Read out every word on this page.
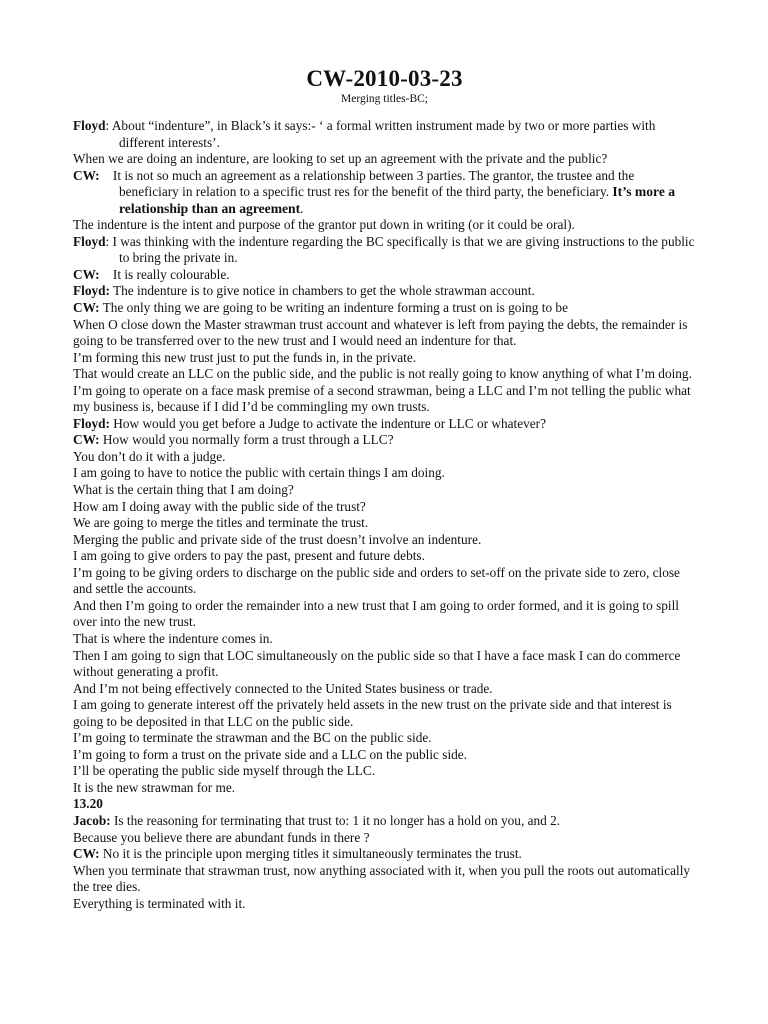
CW-2010-03-23
Merging titles-BC;

Floyd: About “indenture”, in Black’s it says:- ‘ a formal written instrument made by two or more parties with different interests’.

When we are doing an indenture, are looking to set up an agreement with the private and the public?

CW: It is not so much an agreement as a relationship between 3 parties. The grantor, the trustee and the beneficiary in relation to a specific trust res for the benefit of the third party, the beneficiary. It’s more a relationship than an agreement.

The indenture is the intent and purpose of the grantor put down in writing (or it could be oral).

Floyd: I was thinking with the indenture regarding the BC specifically is that we are giving instructions to the public to bring the private in.

CW: It is really colourable.

Floyd: The indenture is to give notice in chambers to get the whole strawman account.

CW: The only thing we are going to be writing an indenture forming a trust on is going to be

When O close down the Master strawman trust account and whatever is left from paying the debts, the remainder is going to be transferred over to the new trust and I would need an indenture for that.

I’m forming this new trust just to put the funds in, in the private.

That would create an LLC on the public side, and the public is not really going to know anything of what I’m doing.

I’m going to operate on a face mask premise of a second strawman, being a LLC and I’m not telling the public what my business is, because if I did I’d be commingling my own trusts.

Floyd: How would you get before a Judge to activate the indenture or LLC or whatever?

CW: How would you normally form a trust through a LLC?

You don’t do it with a judge.

I am going to have to notice the public with certain things I am doing.

What is the certain thing that I am doing?

How am I doing away with the public side of the trust?

We are going to merge the titles and terminate the trust.

Merging the public and private side of the trust doesn’t involve an indenture.

I am going to give orders to pay the past, present and future debts.

I’m going to be giving orders to discharge on the public side and orders to set-off on the private side to zero, close and settle the accounts.

And then I’m going to order the remainder into a new trust that I am going to order formed, and it is going to spill over into the new trust.

That is where the indenture comes in.

Then I am going to sign that LOC simultaneously on the public side so that I have a face mask I can do commerce without generating a profit.

And I’m not being effectively connected to the United States business or trade.

I am going to generate interest off the privately held assets in the new trust on the private side and that interest is going to be deposited in that LLC on the public side.

I’m going to terminate the strawman and the BC on the public side.

I’m going to form a trust on the private side and a LLC on the public side.

I’ll be operating the public side myself through the LLC.

It is the new strawman for me.

13.20

Jacob: Is the reasoning for terminating that trust to: 1 it no longer has a hold on you, and 2.

Because you believe there are abundant funds in there ?

CW: No it is the principle upon merging titles it simultaneously terminates the trust.

When you terminate that strawman trust, now anything associated with it, when you pull the roots out automatically the tree dies.

Everything is terminated with it.
